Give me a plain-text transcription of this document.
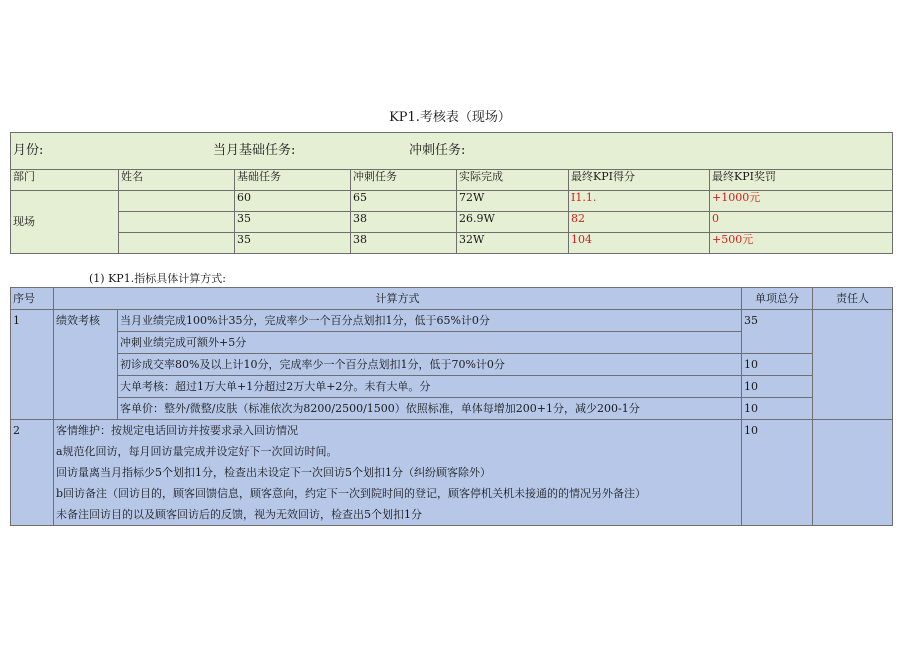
KP1.考核表（现场）
月份: 当月基础任务: 冲刺任务:						
部门	姓名	基础任务	冲刺任务	实际完成	最终KPI得分	最终KPI奖罚
现场		60	65	72W	I1.1.	+1000元
		35	38	26.9W	82	0
		35	38	32W	104	+500元
(1) KP1.指标具体计算方式:
序号	计算方式		单项总分	责任人
1	绩效考核	当月业绩完成100%计35分，完成率少一个百分点划扣1分，低于65%计0分	35	
		冲刺业绩完成可额外+5分		
		初诊成交率80%及以上计10分，完成率少一个百分点划扣1分，低于70%计0分	10	
		大单考核：超过1万大单+1分超过2万大单+2分。未有大单。分	10	
		客单价：整外/微整/皮肤（标准依次为8200/2500/1500）依照标准，单体每增加200+1分，减少200-1分	10	
2	客情维护：按规定电话回访并按要求录入回访情况
a规范化回访，每月回访量完成并设定好下一次回访时间。
回访量离当月指标少5个划扣1分，检查出未设定下一次回访5个划扣1分（纠纷顾客除外）
b回访备注（回访目的，顾客回馈信息，顾客意向，约定下一次到院时间的登记，顾客停机关机未接通的的情况另外备注）
未备注回访目的以及顾客回访后的反馈，视为无效回访，检查出5个划扣1分		10	
